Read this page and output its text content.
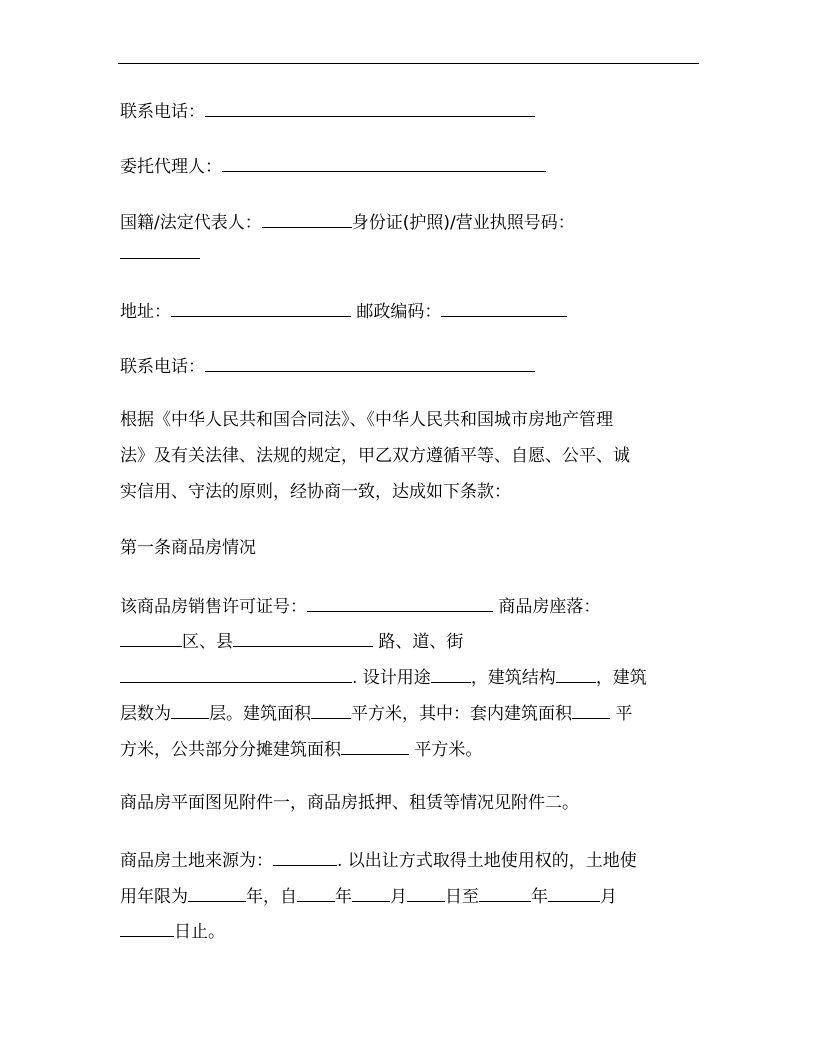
联系电话：
委托代理人：
国籍/法定代表人：	身份证(护照)/营业执照号码：
地址：	邮政编码：
联系电话：
根据《中华人民共和国合同法》、《中华人民共和国城市房地产管理
法》及有关法律、法规的规定，甲乙双方遵循平等、自愿、公平、诚
实信用、守法的原则，经协商一致，达成如下条款：
第一条商品房情况
该商品房销售许可证号：	商品房座落：
区、县	路、道、街
. 设计用途 ，建筑结构 ，建筑
层数为 层。建筑面积 平方米，其中：套内建筑面积	平
方米，公共部分分摊建筑面积	平方米。
商品房平面图见附件一，商品房抵押、租赁等情况见附件二。
商品房土地来源为：	. 以出让方式取得土地使用权的，土地使
用年限为	年，自 年 月 日至	年	月
日止。
